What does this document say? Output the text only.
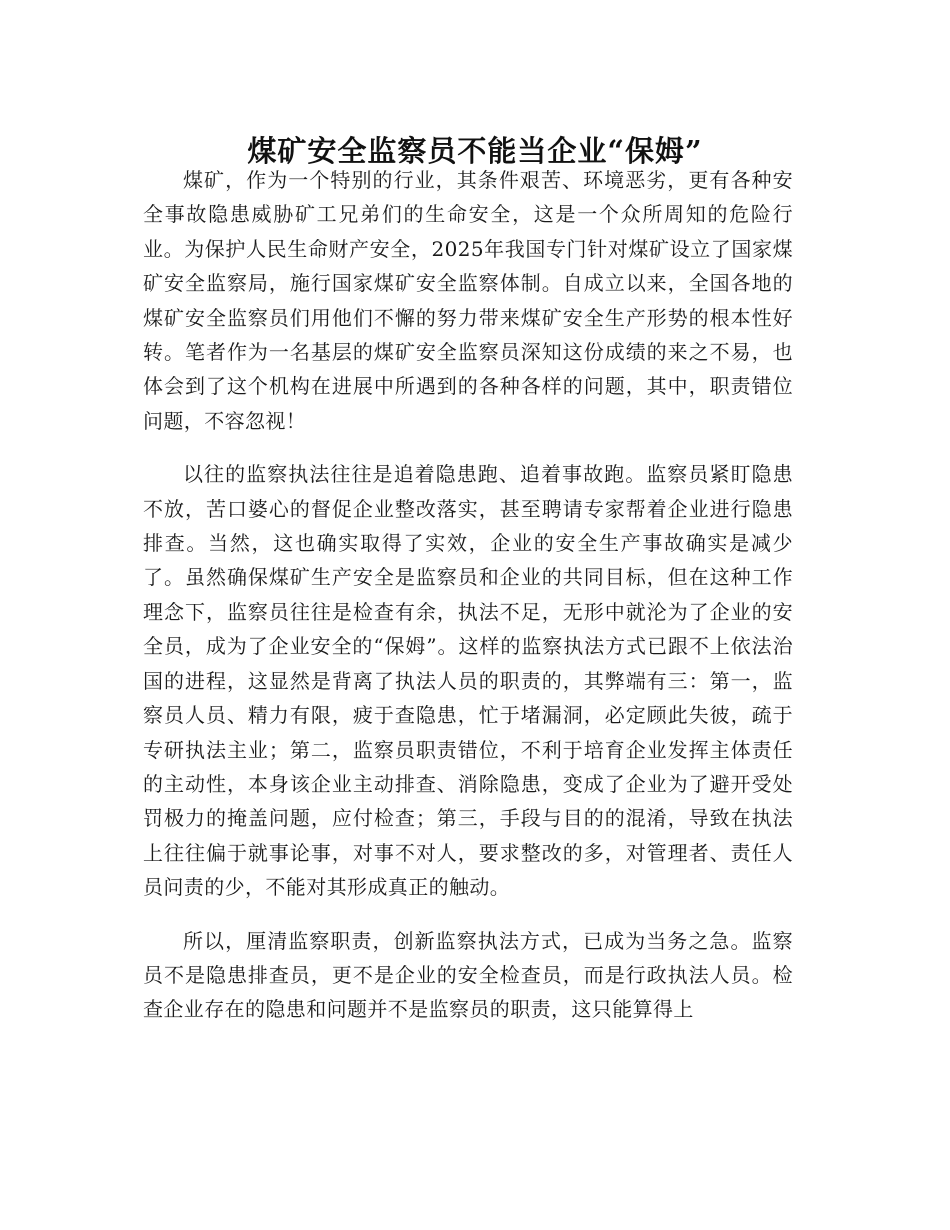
煤矿安全监察员不能当企业“保姆”

煤矿，作为一个特别的行业，其条件艰苦、环境恶劣，更有各种安全事故隐患威胁矿工兄弟们的生命安全，这是一个众所周知的危险行业。为保护人民生命财产安全，2025年我国专门针对煤矿设立了国家煤矿安全监察局，施行国家煤矿安全监察体制。自成立以来，全国各地的煤矿安全监察员们用他们不懈的努力带来煤矿安全生产形势的根本性好转。笔者作为一名基层的煤矿安全监察员深知这份成绩的来之不易，也体会到了这个机构在进展中所遇到的各种各样的问题，其中，职责错位问题，不容忽视！

以往的监察执法往往是追着隐患跑、追着事故跑。监察员紧盯隐患不放，苦口婆心的督促企业整改落实，甚至聘请专家帮着企业进行隐患排查。当然，这也确实取得了实效，企业的安全生产事故确实是减少了。虽然确保煤矿生产安全是监察员和企业的共同目标，但在这种工作理念下，监察员往往是检查有余，执法不足，无形中就沦为了企业的安全员，成为了企业安全的“保姆”。这样的监察执法方式已跟不上依法治国的进程，这显然是背离了执法人员的职责的，其弊端有三：第一，监察员人员、精力有限，疲于查隐患，忙于堵漏洞，必定顾此失彼，疏于专研执法主业；第二，监察员职责错位，不利于培育企业发挥主体责任的主动性，本身该企业主动排查、消除隐患，变成了企业为了避开受处罚极力的掩盖问题，应付检查；第三，手段与目的的混淆，导致在执法上往往偏于就事论事，对事不对人，要求整改的多，对管理者、责任人员问责的少，不能对其形成真正的触动。

所以，厘清监察职责，创新监察执法方式，已成为当务之急。监察员不是隐患排查员，更不是企业的安全检查员，而是行政执法人员。检查企业存在的隐患和问题并不是监察员的职责，这只能算得上
